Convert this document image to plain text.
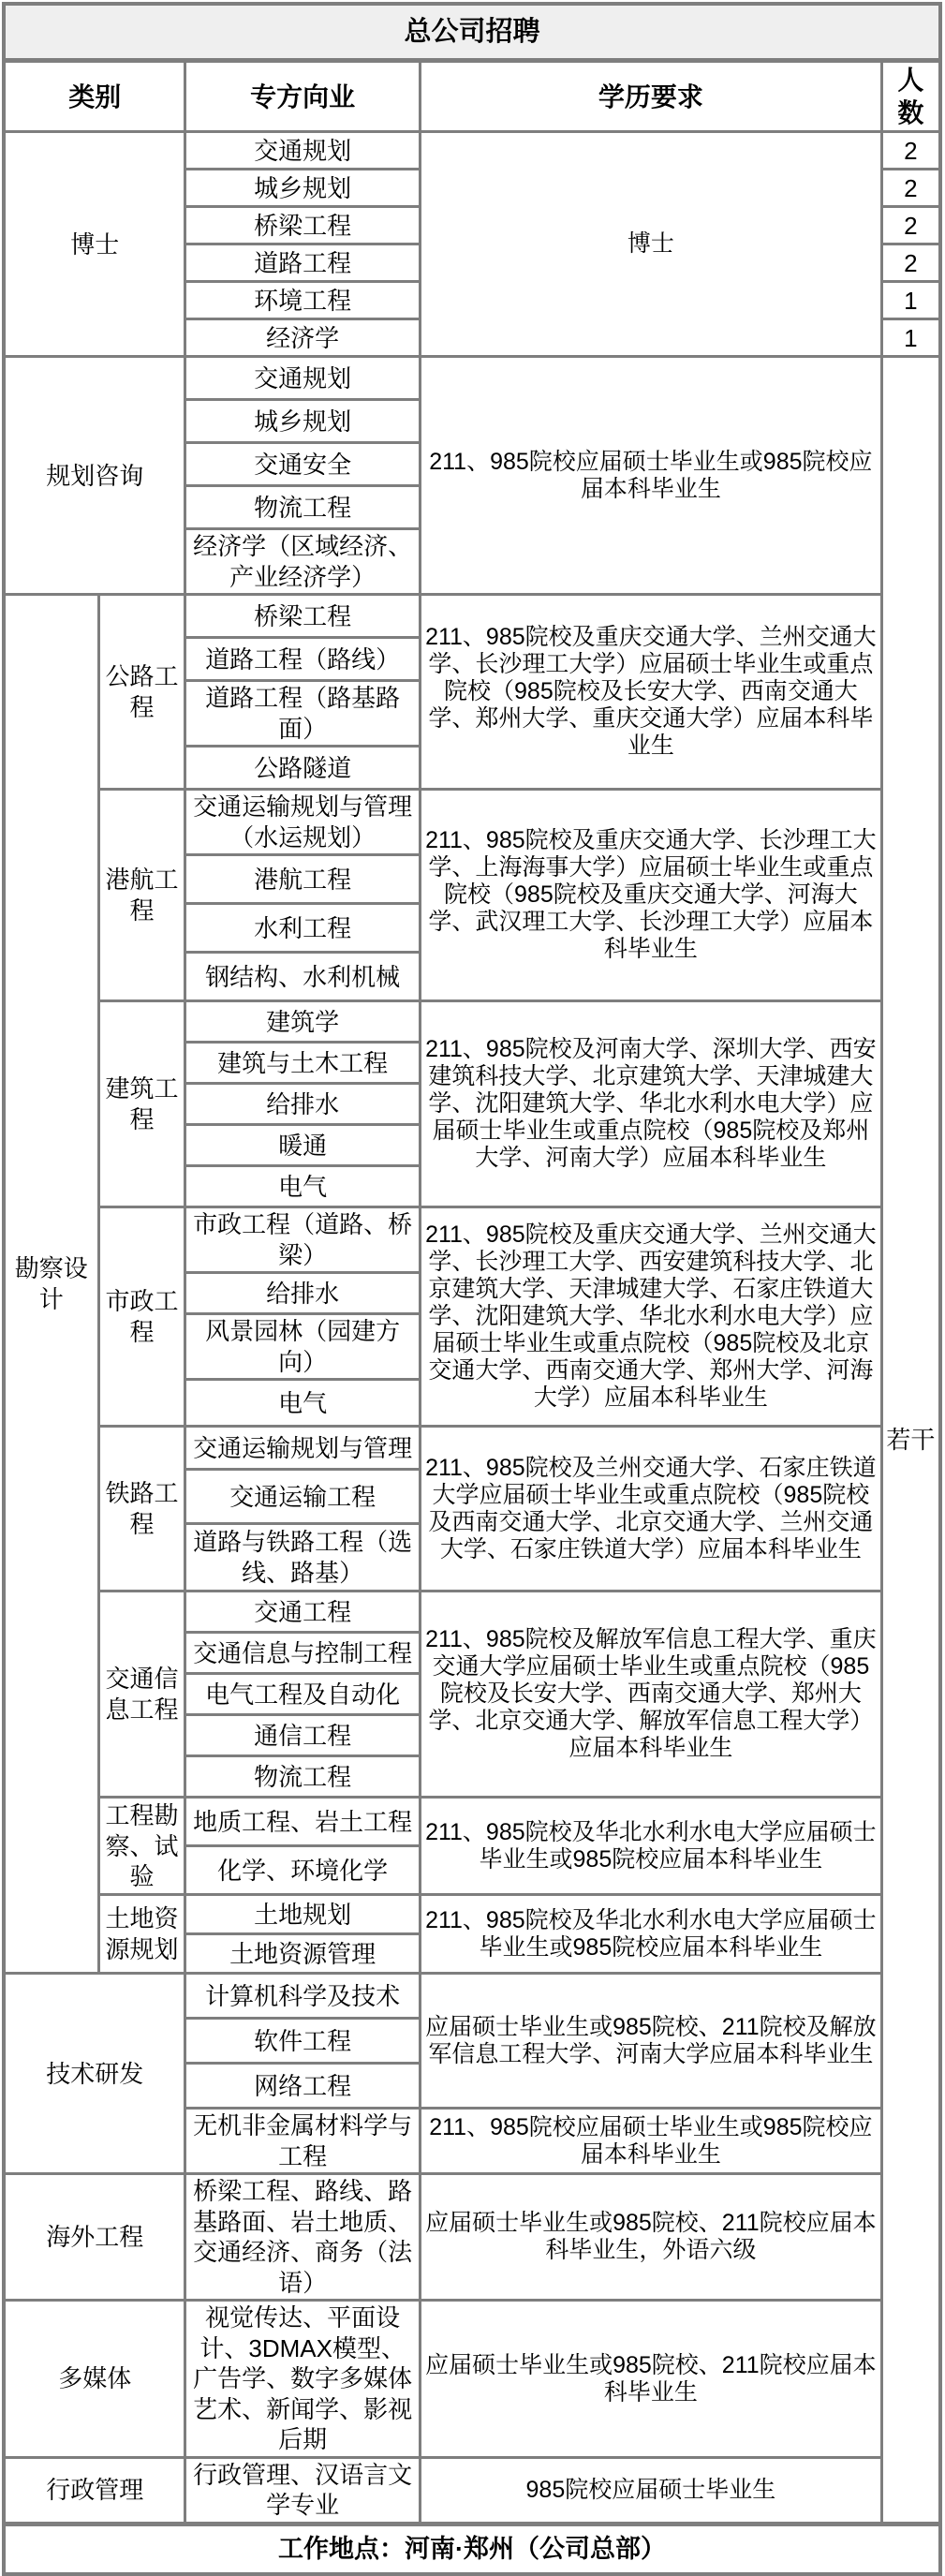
总公司招聘				
类别		专方向业	学历要求	人数
博士		交通规划	博士	2
		城乡规划		2
		桥梁工程		2
		道路工程		2
		环境工程		1
		经济学		1
规划咨询		交通规划	211、985院校应届硕士毕业生或985院校应届本科毕业生	若干
		城乡规划		
		交通安全		
		物流工程		
		经济学（区域经济、产业经济学）		
勘察设计	公路工程	桥梁工程	211、985院校及重庆交通大学、兰州交通大学、长沙理工大学）应届硕士毕业生或重点院校（985院校及长安大学、西南交通大学、郑州大学、重庆交通大学）应届本科毕业生	
		道路工程（路线）		
		道路工程（路基路面）		
		公路隧道		
	港航工程	交通运输规划与管理（水运规划）	211、985院校及重庆交通大学、长沙理工大学、上海海事大学）应届硕士毕业生或重点院校（985院校及重庆交通大学、河海大学、武汉理工大学、长沙理工大学）应届本科毕业生	
		港航工程		
		水利工程		
		钢结构、水利机械		
	建筑工程	建筑学	211、985院校及河南大学、深圳大学、西安建筑科技大学、北京建筑大学、天津城建大学、沈阳建筑大学、华北水利水电大学）应届硕士毕业生或重点院校（985院校及郑州大学、河南大学）应届本科毕业生	
		建筑与土木工程		
		给排水		
		暖通		
		电气		
	市政工程	市政工程（道路、桥梁）	211、985院校及重庆交通大学、兰州交通大学、长沙理工大学、西安建筑科技大学、北京建筑大学、天津城建大学、石家庄铁道大学、沈阳建筑大学、华北水利水电大学）应届硕士毕业生或重点院校（985院校及北京交通大学、西南交通大学、郑州大学、河海大学）应届本科毕业生	
		给排水		
		风景园林（园建方向）		
		电气		
	铁路工程	交通运输规划与管理	211、985院校及兰州交通大学、石家庄铁道大学应届硕士毕业生或重点院校（985院校及西南交通大学、北京交通大学、兰州交通大学、石家庄铁道大学）应届本科毕业生	
		交通运输工程		
		道路与铁路工程（选线、路基）		
	交通信息工程	交通工程	211、985院校及解放军信息工程大学、重庆交通大学应届硕士毕业生或重点院校（985院校及长安大学、西南交通大学、郑州大学、北京交通大学、解放军信息工程大学）应届本科毕业生	
		交通信息与控制工程		
		电气工程及自动化		
		通信工程		
		物流工程		
	工程勘察、试验	地质工程、岩土工程	211、985院校及华北水利水电大学应届硕士毕业生或985院校应届本科毕业生	
		化学、环境化学		
	土地资源规划	土地规划	211、985院校及华北水利水电大学应届硕士毕业生或985院校应届本科毕业生	
		土地资源管理		
技术研发		计算机科学及技术	应届硕士毕业生或985院校、211院校及解放军信息工程大学、河南大学应届本科毕业生	
		软件工程		
		网络工程		
		无机非金属材料学与工程	211、985院校应届硕士毕业生或985院校应届本科毕业生	
海外工程		桥梁工程、路线、路基路面、岩土地质、交通经济、商务（法语）	应届硕士毕业生或985院校、211院校应届本科毕业生，外语六级	
多媒体		视觉传达、平面设计、3DMAX模型、广告学、数字多媒体艺术、新闻学、影视后期	应届硕士毕业生或985院校、211院校应届本科毕业生	
行政管理		行政管理、汉语言文学专业	985院校应届硕士毕业生	
工作地点：河南·郑州（公司总部）				
